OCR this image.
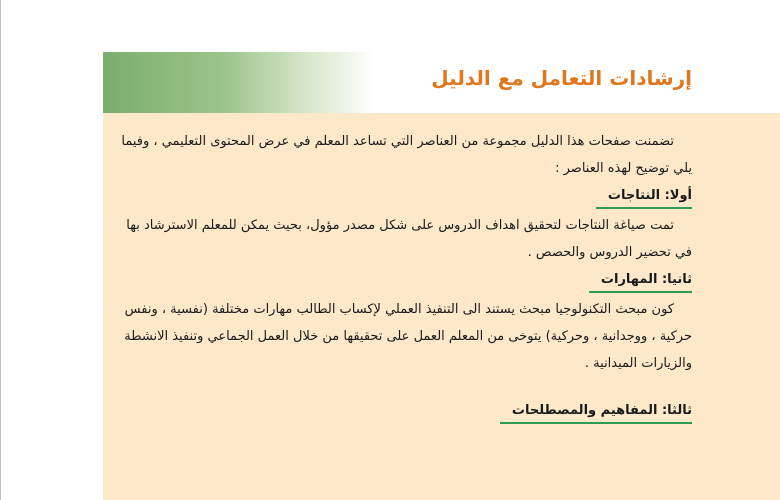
إرشادات التعامل مع الدليل

تضمنت صفحات هذا الدليل مجموعة من العناصر التي تساعد المعلم في عرض المحتوى التعليمي ، وفيما

يلي توضيح لهذه العناصر :

أولا: النتاجات

تمت صياغة النتاجات لتحقيق اهداف الدروس على شكل مصدر مؤول، بحيث يمكن للمعلم الاسترشاد بها

في تحضير الدروس والحصص .

ثانيا: المهارات

كون مبحث التكنولوجيا مبحث يستند الى التنفيذ العملي لإكساب الطالب مهارات مختلفة (نفسية ، ونفس

حركية ، ووجدانية ، وحركية) يتوخى من المعلم العمل على تحقيقها من خلال العمل الجماعي وتنفيذ الانشطة

والزيارات الميدانية .

ثالثا: المفاهيم والمصطلحات
